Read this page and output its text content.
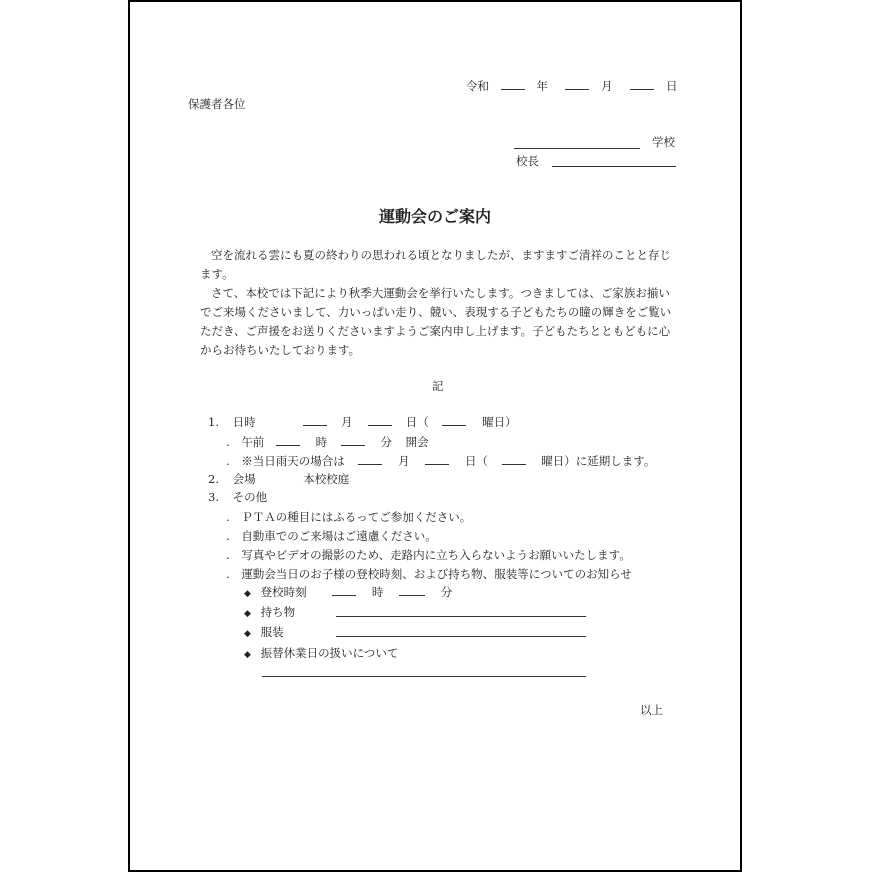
令和	年	月	日
保護者各位
学校
校長
運動会のご案内
空を流れる雲にも夏の終わりの思われる頃となりましたが、ますますご清祥のことと存じます。
さて、本校では下記により秋季大運動会を挙行いたします。つきましては、ご家族お揃いでご来場くださいまして、力いっぱい走り、競い、表現する子どもたちの瞳の輝きをご覧いただき、ご声援をお送りくださいますようご案内申し上げます。子どもたちとともどもに心からお待ちいたしております。
記
1. 日時	月	日（	曜日）
. 午前	時	分 開会
. ※当日雨天の場合は	月	日（	曜日）に延期します。
2. 会場	本校校庭
3. その他
. ＰＴＡの種目にはふるってご参加ください。
. 自動車でのご来場はご遠慮ください。
. 写真やビデオの撮影のため、走路内に立ち入らないようお願いいたします。
. 運動会当日のお子様の登校時刻、および持ち物、服装等についてのお知らせ
◆ 登校時刻	時	分
◆ 持ち物
◆ 服装
◆ 振替休業日の扱いについて
以上
